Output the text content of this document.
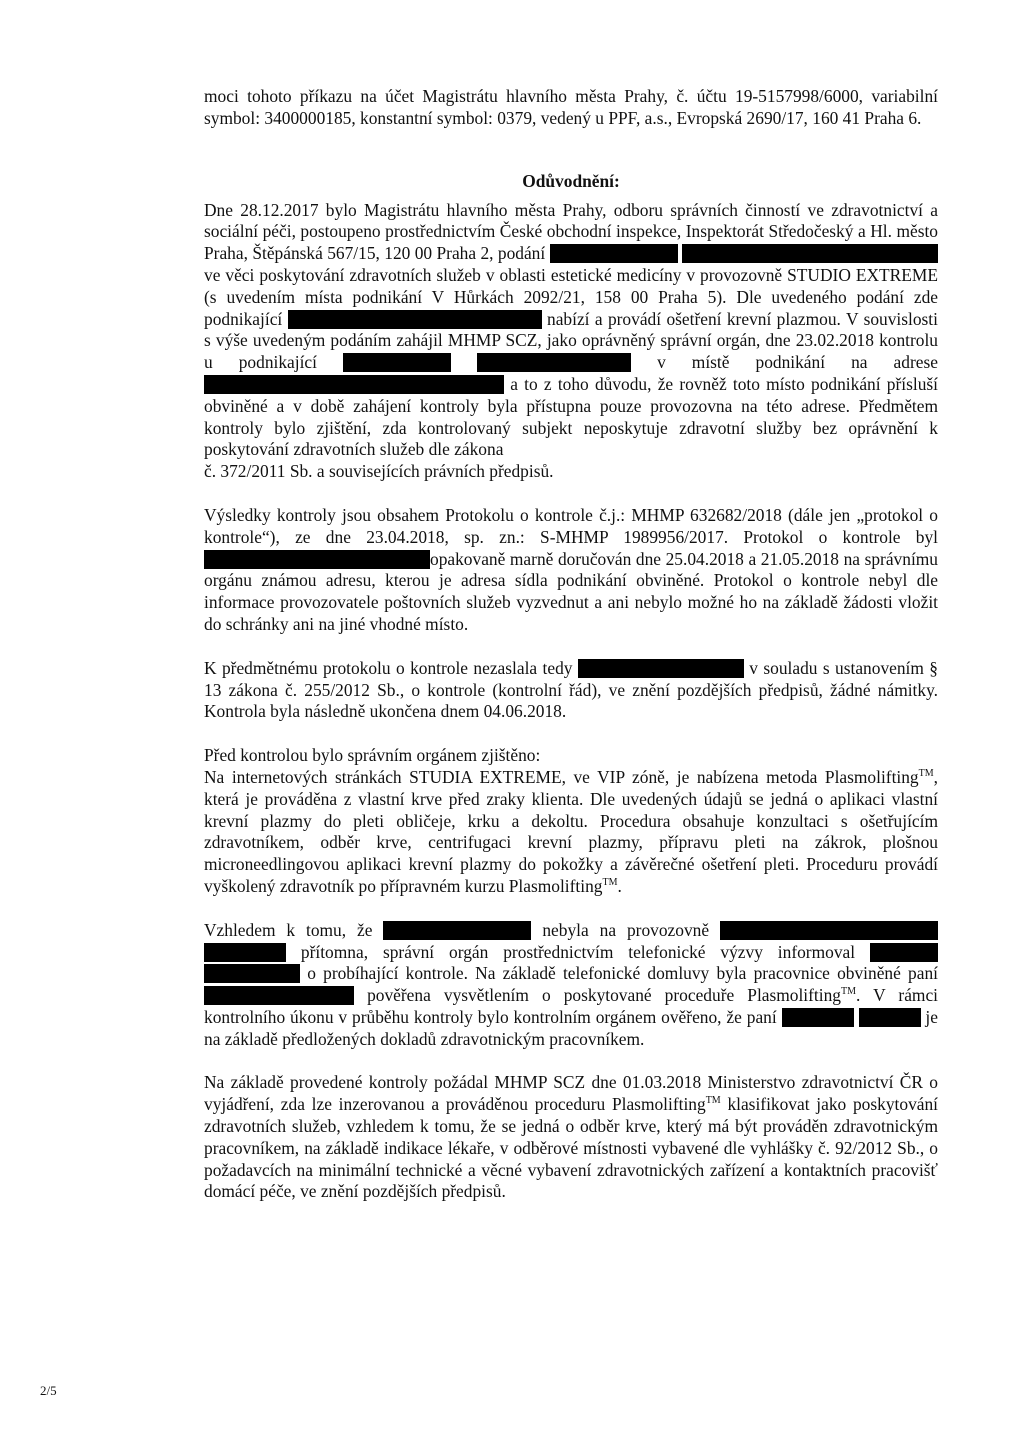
moci tohoto příkazu na účet Magistrátu hlavního města Prahy, č. účtu 19-5157998/6000, variabilní symbol: 3400000185, konstantní symbol: 0379, vedený u PPF, a.s., Evropská 2690/17, 160 41 Praha 6.

Odůvodnění:

Dne 28.12.2017 bylo Magistrátu hlavního města Prahy, odboru správních činností ve zdravotnictví a sociální péči, postoupeno prostřednictvím České obchodní inspekce, Inspektorát Středočeský a Hl. město Praha, Štěpánská 567/15, 120 00 Praha 2, podání   ve věci poskytování zdravotních služeb v oblasti estetické medicíny v provozovně STUDIO EXTREME (s uvedením místa podnikání V Hůrkách 2092/21, 158 00 Praha 5). Dle uvedeného podání zde podnikající	nabízí a provádí ošetření krevní plazmou. V souvislosti s výše uvedeným podáním zahájil MHMP SCZ, jako oprávněný správní orgán, dne 23.02.2018 kontrolu u podnikající	v místě podnikání na adrese  a to z toho důvodu, že rovněž toto místo podnikání přísluší obviněné a v době zahájení kontroly byla přístupna pouze provozovna na této adrese. Předmětem kontroly bylo zjištění, zda kontrolovaný subjekt neposkytuje zdravotní služby bez oprávnění k poskytování zdravotních služeb dle zákona
č. 372/2011 Sb. a souvisejících právních předpisů.

Výsledky kontroly jsou obsahem Protokolu o kontrole č.j.: MHMP 632682/2018 (dále jen „protokol o kontrole“), ze dne 23.04.2018, sp. zn.: S-MHMP 1989956/2017. Protokol o kontrole byl opakovaně marně doručován dne 25.04.2018 a 21.05.2018 na správnímu orgánu známou adresu, kterou je adresa sídla podnikání obviněné. Protokol o kontrole nebyl dle informace provozovatele poštovních služeb vyzvednut a ani nebylo možné ho na základě žádosti vložit do schránky ani na jiné vhodné místo.

K předmětnému protokolu o kontrole nezaslala tedy	v souladu s ustanovením § 13 zákona č. 255/2012 Sb., o kontrole (kontrolní řád), ve znění pozdějších předpisů, žádné námitky. Kontrola byla následně ukončena dnem 04.06.2018.

Před kontrolou bylo správním orgánem zjištěno:
Na internetových stránkách STUDIA EXTREME, ve VIP zóně, je nabízena metoda Plasmolifting™, která je prováděna z vlastní krve před zraky klienta. Dle uvedených údajů se jedná o aplikaci vlastní krevní plazmy do pleti obličeje, krku a dekoltu. Procedura obsahuje konzultaci s ošetřujícím zdravotníkem, odběr krve, centrifugaci krevní plazmy, přípravu pleti na zákrok, plošnou microneedlingovou aplikaci krevní plazmy do pokožky a závěrečné ošetření pleti. Proceduru provádí vyškolený zdravotník po přípravném kurzu Plasmolifting™.

Vzhledem k tomu, že	nebyla na provozovně   přítomna, správní orgán prostřednictvím telefonické výzvy informoval   o probíhající kontrole. Na základě telefonické domluvy byla pracovnice obviněné paní  pověřena vysvětlením o poskytované proceduře Plasmolifting™. V rámci kontrolního úkonu v průběhu kontroly bylo kontrolním orgánem ověřeno, že paní	je na základě předložených dokladů zdravotnickým pracovníkem.

Na základě provedené kontroly požádal MHMP SCZ dne 01.03.2018 Ministerstvo zdravotnictví ČR o vyjádření, zda lze inzerovanou a prováděnou proceduru Plasmolifting™ klasifikovat jako poskytování zdravotních služeb, vzhledem k tomu, že se jedná o odběr krve, který má být prováděn zdravotnickým pracovníkem, na základě indikace lékaře, v odběrové místnosti vybavené dle vyhlášky č. 92/2012 Sb., o požadavcích na minimální technické a věcné vybavení zdravotnických zařízení a kontaktních pracovišť domácí péče, ve znění pozdějších předpisů.

2/5
